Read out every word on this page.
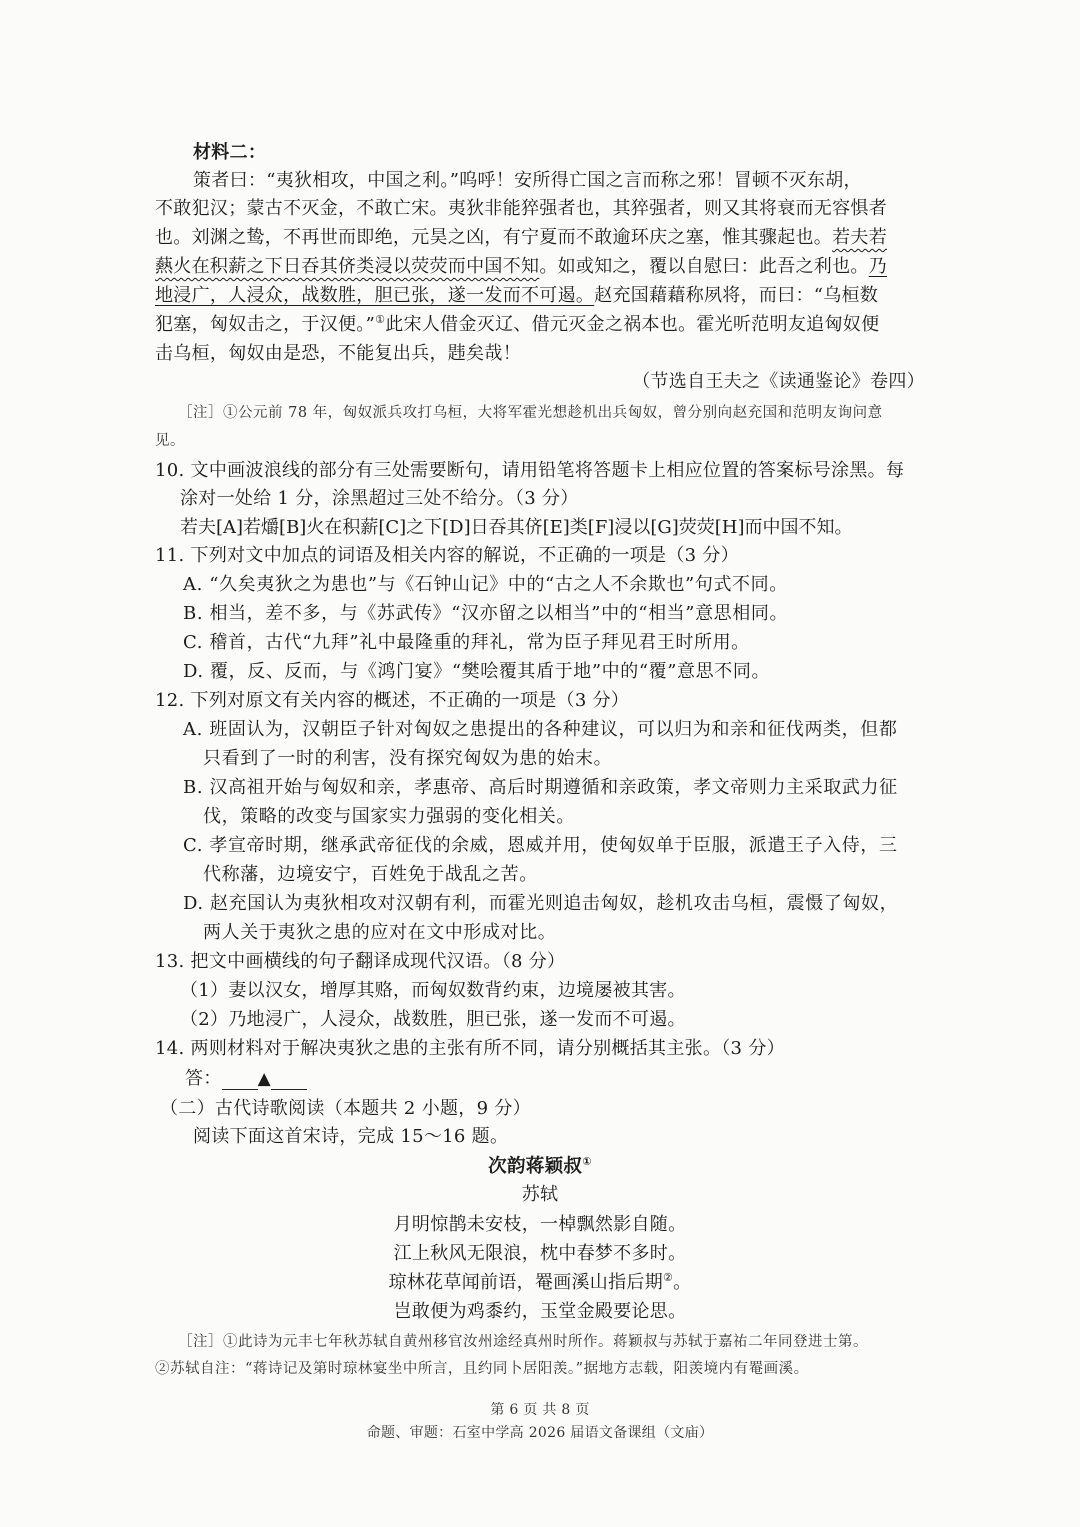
材料二：
策者曰：“夷狄相攻，中国之利。”呜呼！安所得亡国之言而称之邪！冒顿不灭东胡，
不敢犯汉；蒙古不灭金，不敢亡宋。夷狄非能猝强者也，其猝强者，则又其将衰而无容惧者
也。刘渊之鸷，不再世而即绝，元昊之凶，有宁夏而不敢逾环庆之塞，惟其骤起也。若夫若
爇火在积薪之下日吞其侪类浸以荧荧而中国不知。如或知之，覆以自慰曰：此吾之利也。乃
地浸广，人浸众，战数胜，胆已张，遂一发而不可遏。赵充国藉藉称夙将，而曰：“乌桓数
犯塞，匈奴击之，于汉便。”①此宋人借金灭辽、借元灭金之祸本也。霍光听范明友追匈奴便
击乌桓，匈奴由是恐，不能复出兵，韪矣哉！
（节选自王夫之《读通鉴论》卷四）
［注］①公元前 78 年，匈奴派兵攻打乌桓，大将军霍光想趁机出兵匈奴，曾分别向赵充国和范明友询问意
见。
10. 文中画波浪线的部分有三处需要断句，请用铅笔将答题卡上相应位置的答案标号涂黑。每
涂对一处给 1 分，涂黑超过三处不给分。（3 分）
若夫[A]若爝[B]火在积薪[C]之下[D]日吞其侪[E]类[F]浸以[G]荧荧[H]而中国不知。
11. 下列对文中加点的词语及相关内容的解说，不正确的一项是（3 分）
A. “久矣夷狄之为患也”与《石钟山记》中的“古之人不余欺也”句式不同。
B. 相当，差不多，与《苏武传》“汉亦留之以相当”中的“相当”意思相同。
C. 稽首，古代“九拜”礼中最隆重的拜礼，常为臣子拜见君王时所用。
D. 覆，反、反而，与《鸿门宴》“樊哙覆其盾于地”中的“覆”意思不同。
12. 下列对原文有关内容的概述，不正确的一项是（3 分）
A. 班固认为，汉朝臣子针对匈奴之患提出的各种建议，可以归为和亲和征伐两类，但都
只看到了一时的利害，没有探究匈奴为患的始末。
B. 汉高祖开始与匈奴和亲，孝惠帝、高后时期遵循和亲政策，孝文帝则力主采取武力征
伐，策略的改变与国家实力强弱的变化相关。
C. 孝宣帝时期，继承武帝征伐的余威，恩威并用，使匈奴单于臣服，派遣王子入侍，三
代称藩，边境安宁，百姓免于战乱之苦。
D. 赵充国认为夷狄相攻对汉朝有利，而霍光则追击匈奴，趁机攻击乌桓，震慑了匈奴，
两人关于夷狄之患的应对在文中形成对比。
13. 把文中画横线的句子翻译成现代汉语。（8 分）
（1）妻以汉女，增厚其赂，而匈奴数背约束，边境屡被其害。
（2）乃地浸广，人浸众，战数胜，胆已张，遂一发而不可遏。
14. 两则材料对于解决夷狄之患的主张有所不同，请分别概括其主张。（3 分）
答： ▲
（二）古代诗歌阅读（本题共 2 小题，9 分）
阅读下面这首宋诗，完成 15～16 题。
次韵蒋颖叔①
苏轼
月明惊鹊未安枝，一棹飘然影自随。
江上秋风无限浪，枕中春梦不多时。
琼林花草闻前语，罨画溪山指后期②。
岂敢便为鸡黍约，玉堂金殿要论思。
［注］①此诗为元丰七年秋苏轼自黄州移官汝州途经真州时所作。蒋颖叔与苏轼于嘉祐二年同登进士第。
②苏轼自注：“蒋诗记及第时琼林宴坐中所言，且约同卜居阳羡。”据地方志载，阳羡境内有罨画溪。
第 6 页 共 8 页
命题、审题：石室中学高 2026 届语文备课组（文庙）
